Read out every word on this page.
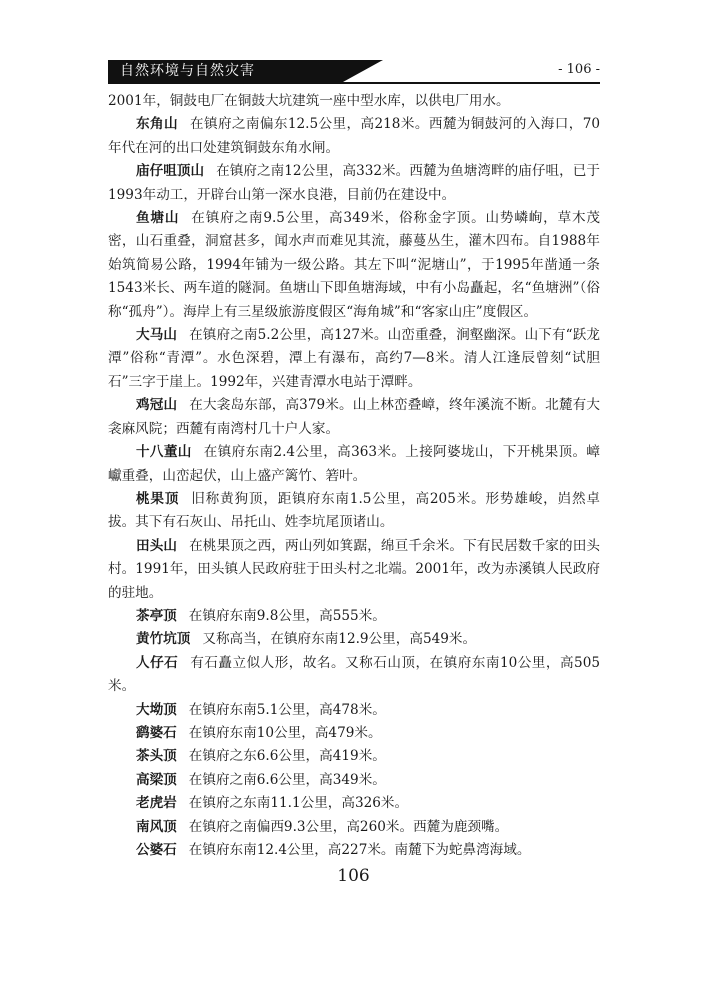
自然环境与自然灾害	- 106 -

2001年，铜鼓电厂在铜鼓大坑建筑一座中型水库，以供电厂用水。

东角山 在镇府之南偏东12.5公里，高218米。西麓为铜鼓河的入海口，70年代在河的出口处建筑铜鼓东角水闸。

庙仔咀顶山 在镇府之南12公里，高332米。西麓为鱼塘湾畔的庙仔咀，已于1993年动工，开辟台山第一深水良港，目前仍在建设中。

鱼塘山 在镇府之南9.5公里，高349米，俗称金字顶。山势嶙峋，草木茂密，山石重叠，洞窟甚多，闻水声而难见其流，藤蔓丛生，灌木四布。自1988年始筑简易公路，1994年铺为一级公路。其左下叫“泥塘山”，于1995年凿通一条1543米长、两车道的隧洞。鱼塘山下即鱼塘海域，中有小岛矗起，名“鱼塘洲”（俗称“孤舟”）。海岸上有三星级旅游度假区“海角城”和“客家山庄”度假区。

大马山 在镇府之南5.2公里，高127米。山峦重叠，涧壑幽深。山下有“跃龙潭”俗称“青潭”。水色深碧，潭上有瀑布，高约7—8米。清人江逢辰曾刻“试胆石”三字于崖上。1992年，兴建青潭水电站于潭畔。

鸡冠山 在大衾岛东部，高379米。山上林峦叠嶂，终年溪流不断。北麓有大衾麻风院；西麓有南湾村几十户人家。

十八董山 在镇府东南2.4公里，高363米。上接阿婆垅山，下开桃果顶。嶂巘重叠，山峦起伏，山上盛产篱竹、箬叶。

桃果顶 旧称黄狗顶，距镇府东南1.5公里，高205米。形势雄峻，岿然卓拔。其下有石灰山、吊托山、姓李坑尾顶诸山。

田头山 在桃果顶之西，两山列如箕踞，绵亘千余米。下有民居数千家的田头村。1991年，田头镇人民政府驻于田头村之北端。2001年，改为赤溪镇人民政府的驻地。

茶亭顶 在镇府东南9.8公里，高555米。

黄竹坑顶 又称高当，在镇府东南12.9公里，高549米。

人仔石 有石矗立似人形，故名。又称石山顶，在镇府东南10公里，高505米。

大坳顶 在镇府东南5.1公里，高478米。

鹞婆石 在镇府东南10公里，高479米。

茶头顶 在镇府之东6.6公里，高419米。

高梁顶 在镇府之南6.6公里，高349米。

老虎岩 在镇府之东南11.1公里，高326米。

南风顶 在镇府之南偏西9.3公里，高260米。西麓为鹿颈嘴。

公婆石 在镇府东南12.4公里，高227米。南麓下为蛇鼻湾海域。

106
